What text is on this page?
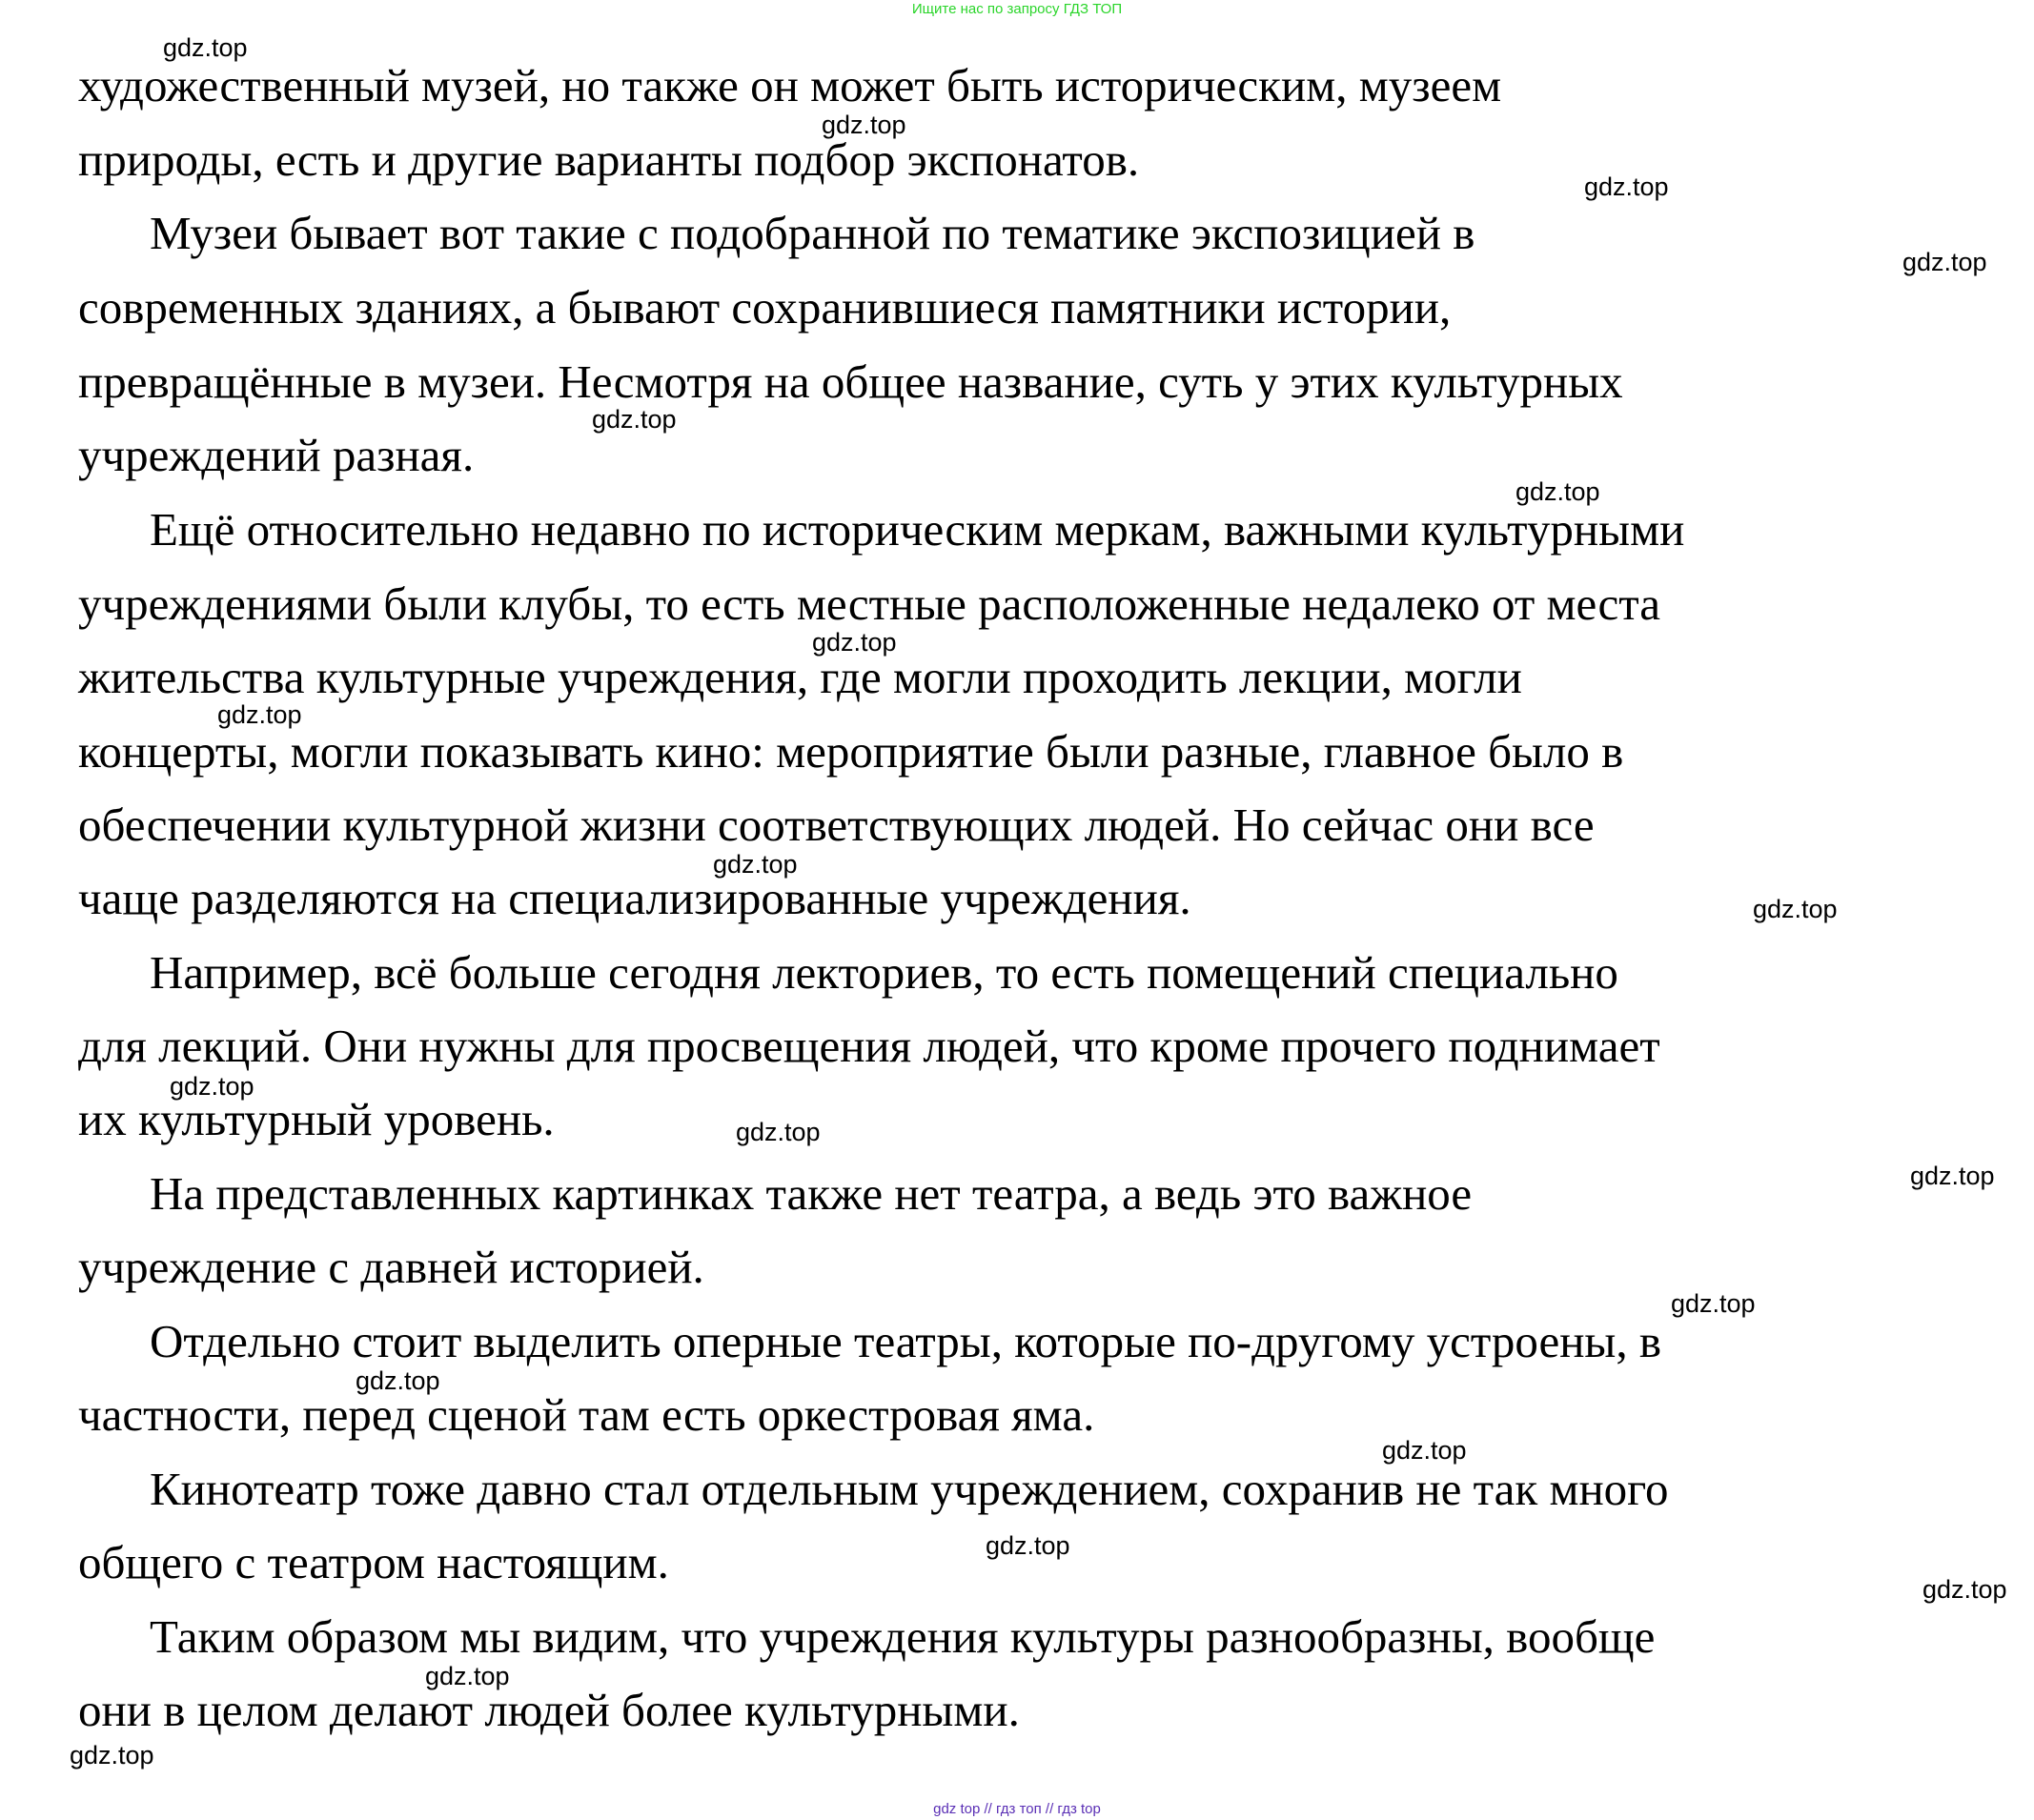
Ищите нас по запросу ГДЗ ТОП
художественный музей, но также он может быть историческим, музеем
природы, есть и другие варианты подбор экспонатов.
Музеи бывает вот такие с подобранной по тематике экспозицией в
современных зданиях, а бывают сохранившиеся памятники истории,
превращённые в музеи. Несмотря на общее название, суть у этих культурных
учреждений разная.
Ещё относительно недавно по историческим меркам, важными культурными
учреждениями были клубы, то есть местные расположенные недалеко от места
жительства культурные учреждения, где могли проходить лекции, могли
концерты, могли показывать кино: мероприятие были разные, главное было в
обеспечении культурной жизни соответствующих людей. Но сейчас они все
чаще разделяются на специализированные учреждения.
Например, всё больше сегодня лекториев, то есть помещений специально
для лекций. Они нужны для просвещения людей, что кроме прочего поднимает
их культурный уровень.
На представленных картинках также нет театра, а ведь это важное
учреждение с давней историей.
Отдельно стоит выделить оперные театры, которые по-другому устроены, в
частности, перед сценой там есть оркестровая яма.
Кинотеатр тоже давно стал отдельным учреждением, сохранив не так много
общего с театром настоящим.
Таким образом мы видим, что учреждения культуры разнообразны, вообще
они в целом делают людей более культурными.
gdz.top
gdz.top
gdz.top
gdz.top
gdz.top
gdz.top
gdz.top
gdz.top
gdz.top
gdz.top
gdz.top
gdz.top
gdz.top
gdz.top
gdz.top
gdz.top
gdz.top
gdz.top
gdz.top
gdz.top
gdz top // гдз топ // гдз top
